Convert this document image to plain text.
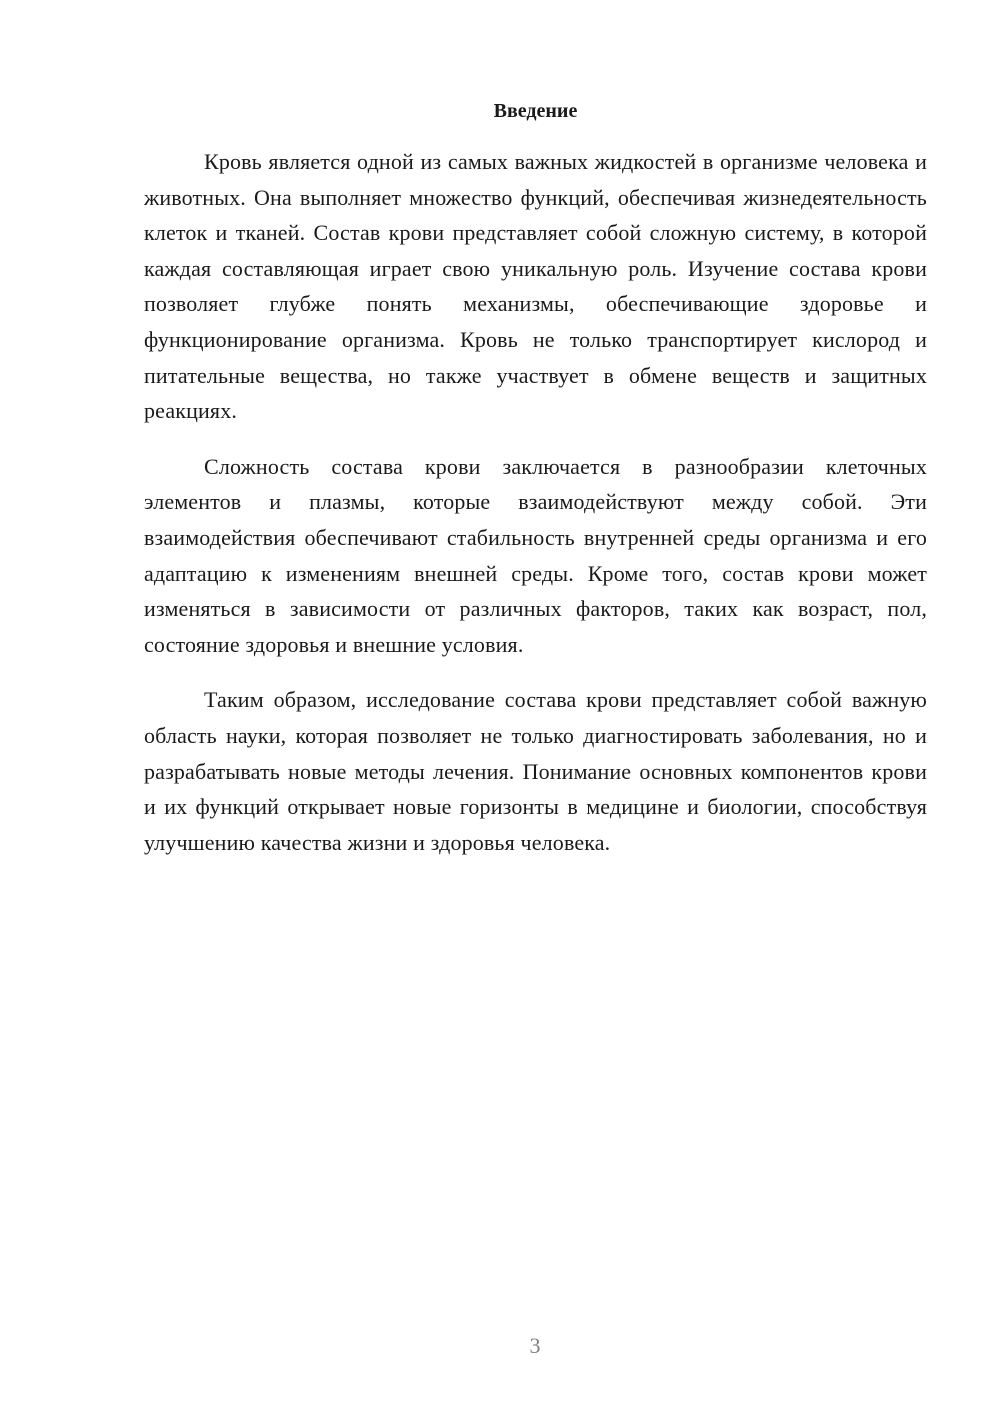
Введение

Кровь является одной из самых важных жидкостей в организме человека и животных. Она выполняет множество функций, обеспечивая жизнедеятельность клеток и тканей. Состав крови представляет собой сложную систему, в которой каждая составляющая играет свою уникальную роль. Изучение состава крови позволяет глубже понять механизмы, обеспечивающие здоровье и функционирование организма. Кровь не только транспортирует кислород и питательные вещества, но также участвует в обмене веществ и защитных реакциях.

Сложность состава крови заключается в разнообразии клеточных элементов и плазмы, которые взаимодействуют между собой. Эти взаимодействия обеспечивают стабильность внутренней среды организма и его адаптацию к изменениям внешней среды. Кроме того, состав крови может изменяться в зависимости от различных факторов, таких как возраст, пол, состояние здоровья и внешние условия.

Таким образом, исследование состава крови представляет собой важную область науки, которая позволяет не только диагностировать заболевания, но и разрабатывать новые методы лечения. Понимание основных компонентов крови и их функций открывает новые горизонты в медицине и биологии, способствуя улучшению качества жизни и здоровья человека.

3
